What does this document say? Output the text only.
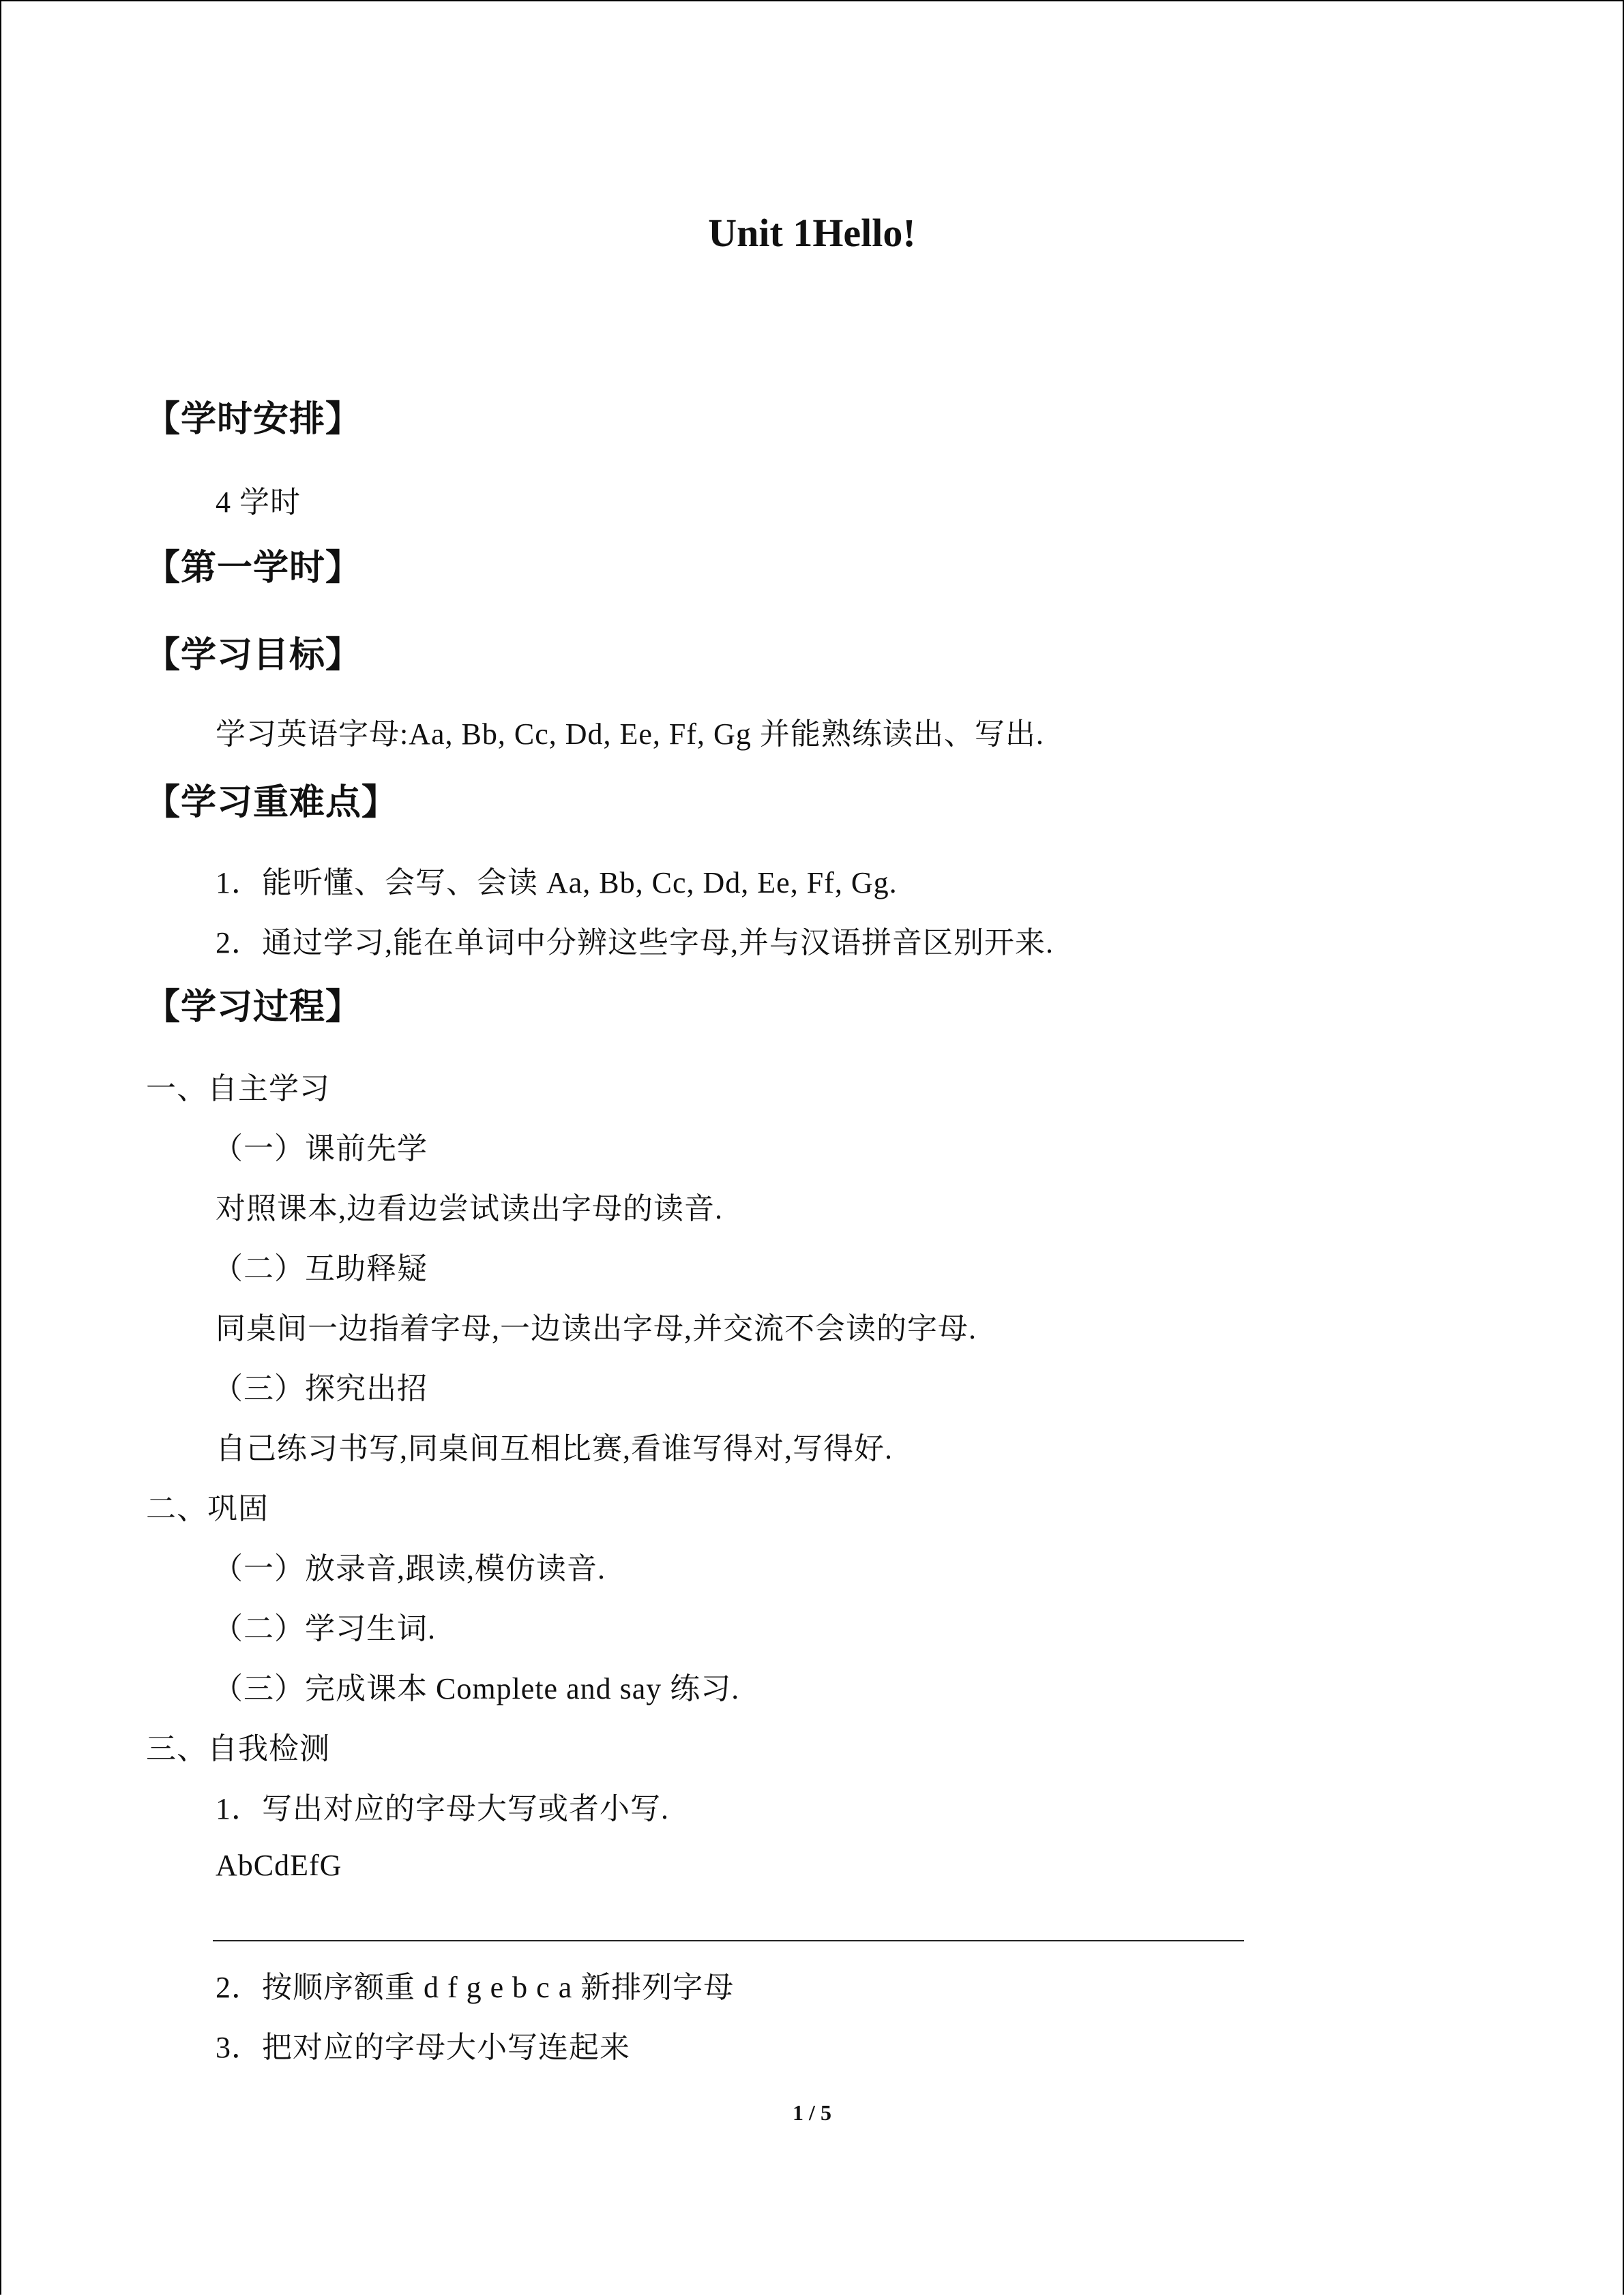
Unit 1Hello!
【学时安排】
4 学时
【第一学时】
【学习目标】
学习英语字母:Aa, Bb, Cc, Dd, Ee, Ff, Gg 并能熟练读出、写出.
【学习重难点】
1．能听懂、会写、会读 Aa, Bb, Cc, Dd, Ee, Ff, Gg.
2．通过学习,能在单词中分辨这些字母,并与汉语拼音区别开来.
【学习过程】
一、自主学习
（一）课前先学
对照课本,边看边尝试读出字母的读音.
（二）互助释疑
同桌间一边指着字母,一边读出字母,并交流不会读的字母.
（三）探究出招
自己练习书写,同桌间互相比赛,看谁写得对,写得好.
二、巩固
（一）放录音,跟读,模仿读音.
（二）学习生词.
（三）完成课本 Complete and say 练习.
三、自我检测
1．写出对应的字母大写或者小写.
AbCdEfG
2．按顺序额重 d f g e b c a 新排列字母
3．把对应的字母大小写连起来
1 / 5
